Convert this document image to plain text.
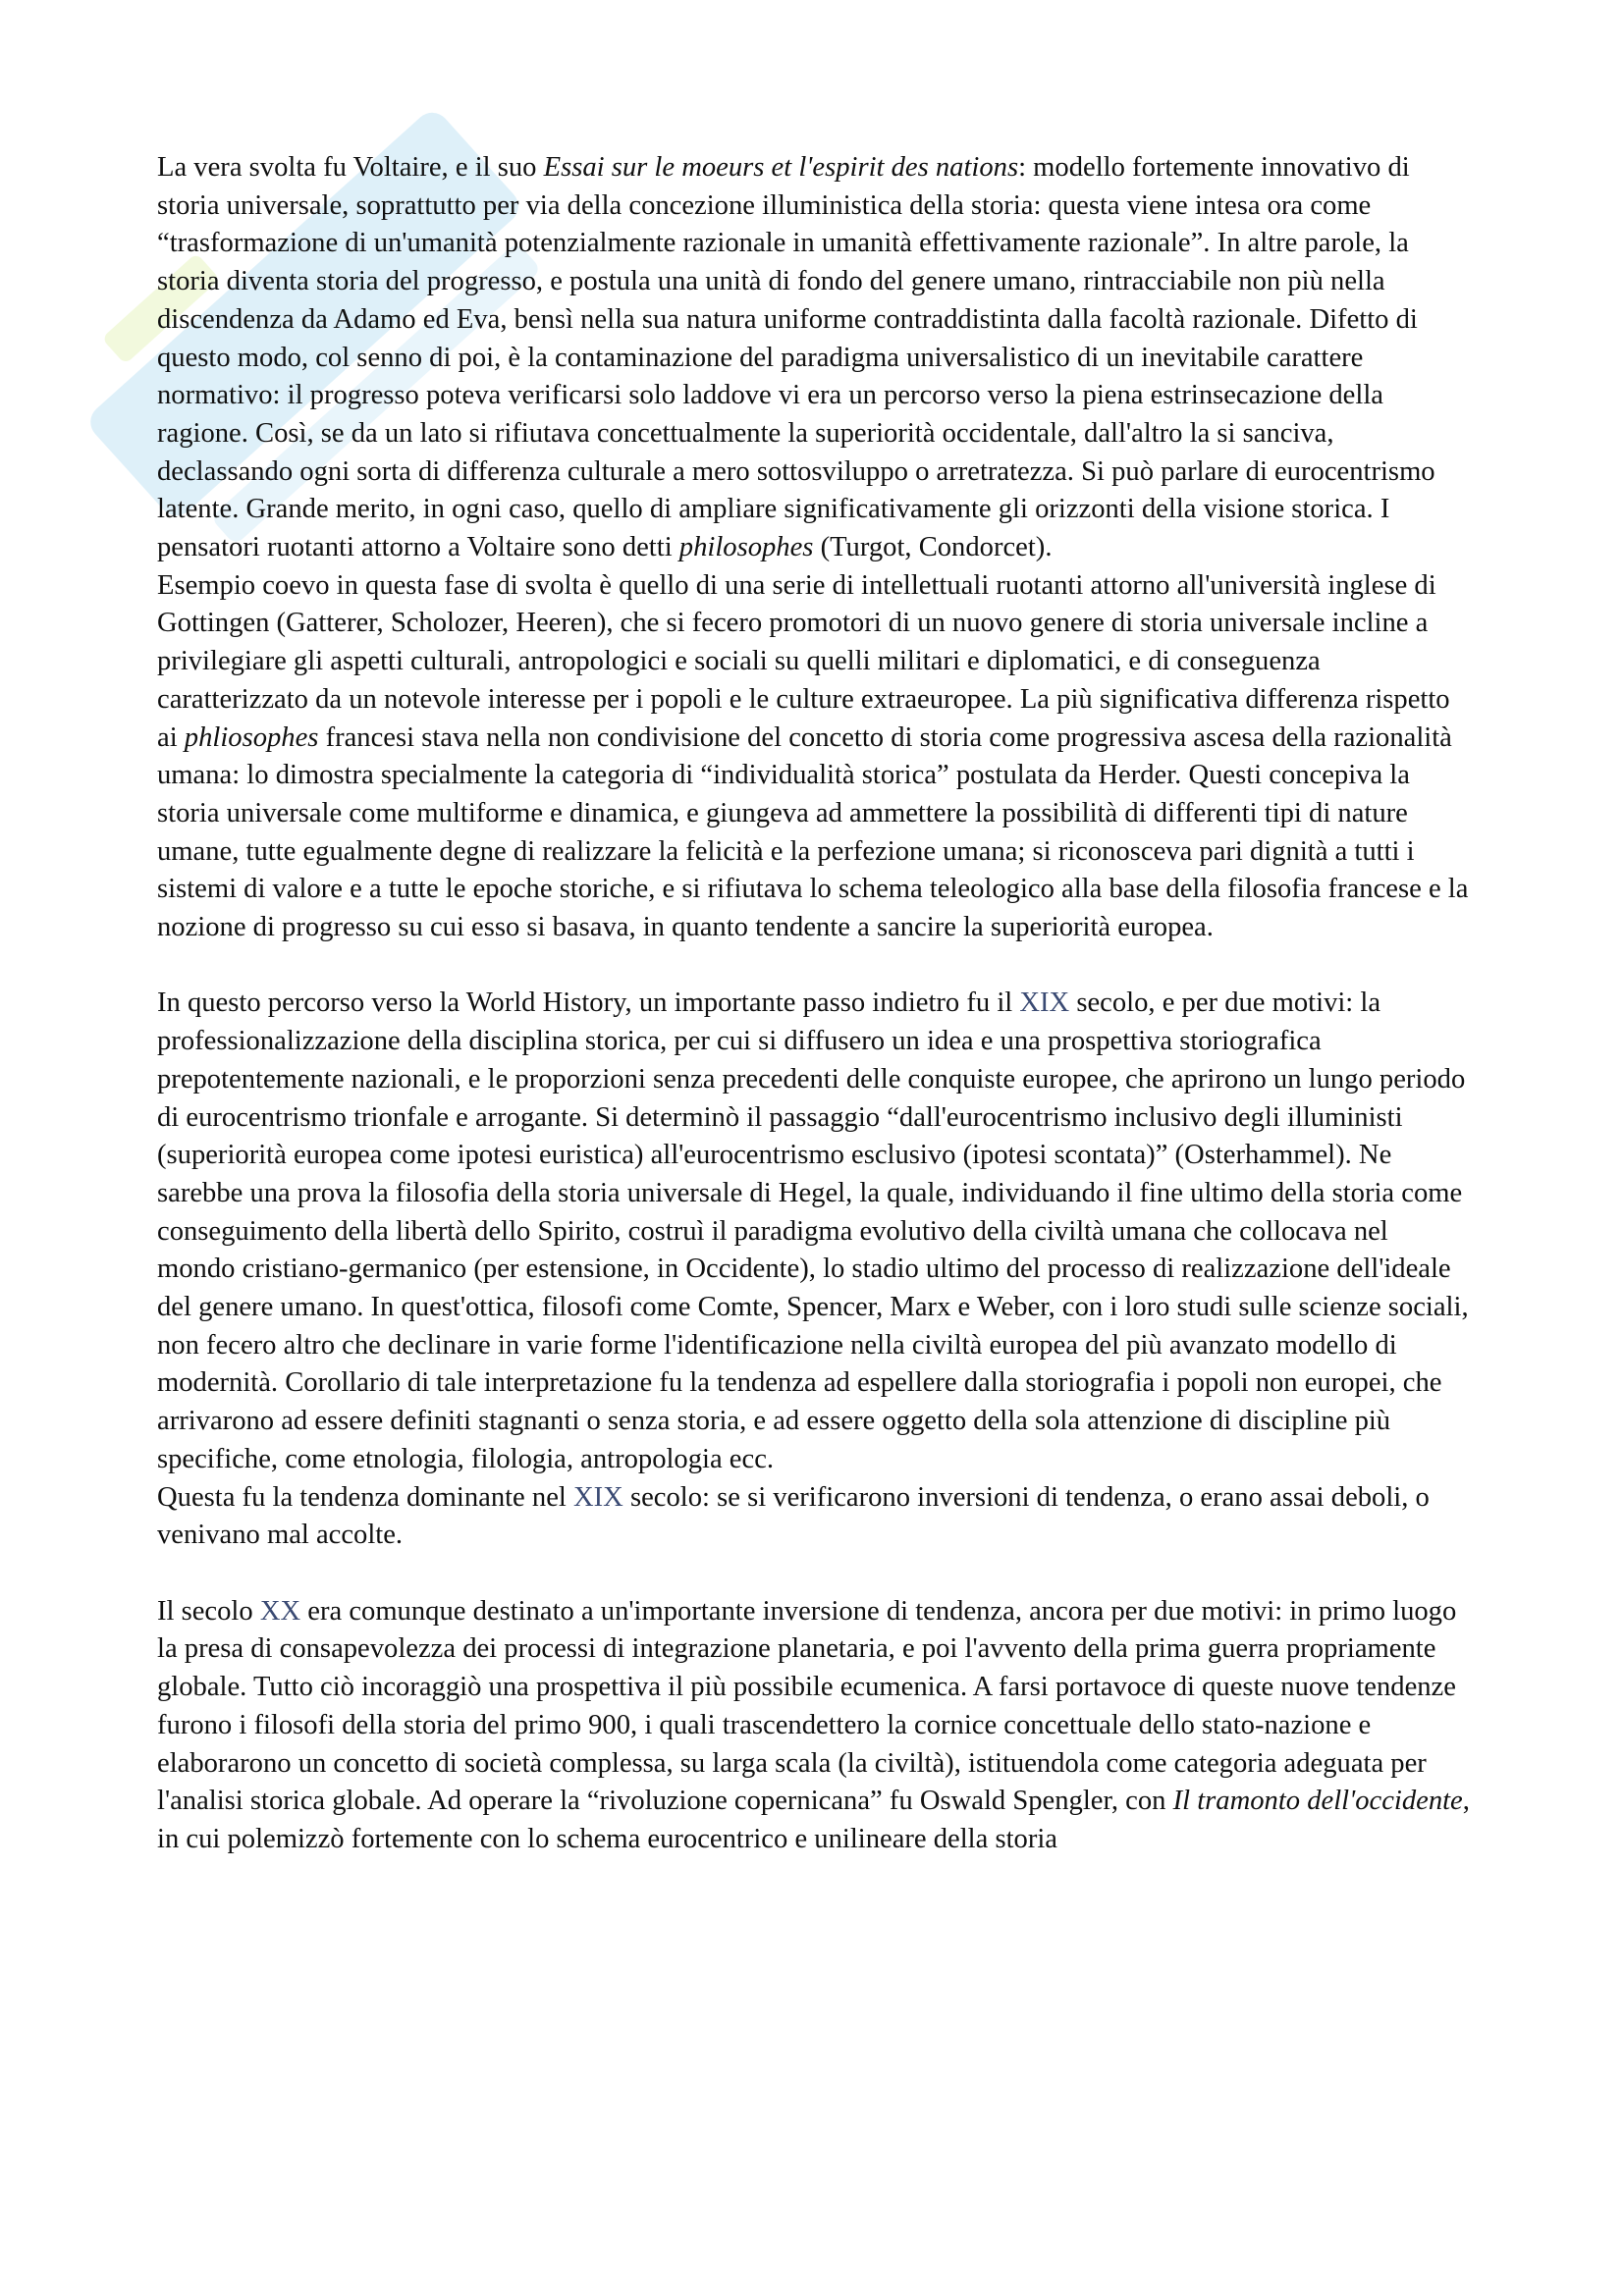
La vera svolta fu Voltaire, e il suo Essai sur le moeurs et l'espirit des nations: modello fortemente innovativo di storia universale, soprattutto per via della concezione illuministica della storia: questa viene intesa ora come “trasformazione di un'umanità potenzialmente razionale in umanità effettivamente razionale”. In altre parole, la storia diventa storia del progresso, e postula una unità di fondo del genere umano, rintracciabile non più nella discendenza da Adamo ed Eva, bensì nella sua natura uniforme contraddistinta dalla facoltà razionale. Difetto di questo modo, col senno di poi, è la contaminazione del paradigma universalistico di un inevitabile carattere normativo: il progresso poteva verificarsi solo laddove vi era un percorso verso la piena estrinsecazione della ragione. Così, se da un lato si rifiutava concettualmente la superiorità occidentale, dall'altro la si sanciva, declassando ogni sorta di differenza culturale a mero sottosviluppo o arretratezza. Si può parlare di eurocentrismo latente. Grande merito, in ogni caso, quello di ampliare significativamente gli orizzonti della visione storica. I pensatori ruotanti attorno a Voltaire sono detti philosophes (Turgot, Condorcet).

Esempio coevo in questa fase di svolta è quello di una serie di intellettuali ruotanti attorno all'università inglese di Gottingen (Gatterer, Scholozer, Heeren), che si fecero promotori di un nuovo genere di storia universale incline a privilegiare gli aspetti culturali, antropologici e sociali su quelli militari e diplomatici, e di conseguenza caratterizzato da un notevole interesse per i popoli e le culture extraeuropee. La più significativa differenza rispetto ai phliosophes francesi stava nella non condivisione del concetto di storia come progressiva ascesa della razionalità umana: lo dimostra specialmente la categoria di “individualità storica” postulata da Herder. Questi concepiva la storia universale come multiforme e dinamica, e giungeva ad ammettere la possibilità di differenti tipi di nature umane, tutte egualmente degne di realizzare la felicità e la perfezione umana; si riconosceva pari dignità a tutti i sistemi di valore e a tutte le epoche storiche, e si rifiutava lo schema teleologico alla base della filosofia francese e la nozione di progresso su cui esso si basava, in quanto tendente a sancire la superiorità europea.

In questo percorso verso la World History, un importante passo indietro fu il XIX secolo, e per due motivi: la professionalizzazione della disciplina storica, per cui si diffusero un idea e una prospettiva storiografica prepotentemente nazionali, e le proporzioni senza precedenti delle conquiste europee, che aprirono un lungo periodo di eurocentrismo trionfale e arrogante. Si determinò il passaggio “dall'eurocentrismo inclusivo degli illuministi (superiorità europea come ipotesi euristica) all'eurocentrismo esclusivo (ipotesi scontata)” (Osterhammel). Ne sarebbe una prova la filosofia della storia universale di Hegel, la quale, individuando il fine ultimo della storia come conseguimento della libertà dello Spirito, costruì il paradigma evolutivo della civiltà umana che collocava nel mondo cristiano-germanico (per estensione, in Occidente), lo stadio ultimo del processo di realizzazione dell'ideale del genere umano. In quest'ottica, filosofi come Comte, Spencer, Marx e Weber, con i loro studi sulle scienze sociali, non fecero altro che declinare in varie forme l'identificazione nella civiltà europea del più avanzato modello di modernità. Corollario di tale interpretazione fu la tendenza ad espellere dalla storiografia i popoli non europei, che arrivarono ad essere definiti stagnanti o senza storia, e ad essere oggetto della sola attenzione di discipline più specifiche, come etnologia, filologia, antropologia ecc.

Questa fu la tendenza dominante nel XIX secolo: se si verificarono inversioni di tendenza, o erano assai deboli, o venivano mal accolte.

Il secolo XX era comunque destinato a un'importante inversione di tendenza, ancora per due motivi: in primo luogo la presa di consapevolezza dei processi di integrazione planetaria, e poi l'avvento della prima guerra propriamente globale. Tutto ciò incoraggiò una prospettiva il più possibile ecumenica. A farsi portavoce di queste nuove tendenze furono i filosofi della storia del primo 900, i quali trascendettero la cornice concettuale dello stato-nazione e elaborarono un concetto di società complessa, su larga scala (la civiltà), istituendola come categoria adeguata per l'analisi storica globale. Ad operare la “rivoluzione copernicana” fu Oswald Spengler, con Il tramonto dell'occidente, in cui polemizzò fortemente con lo schema eurocentrico e unilineare della storia
